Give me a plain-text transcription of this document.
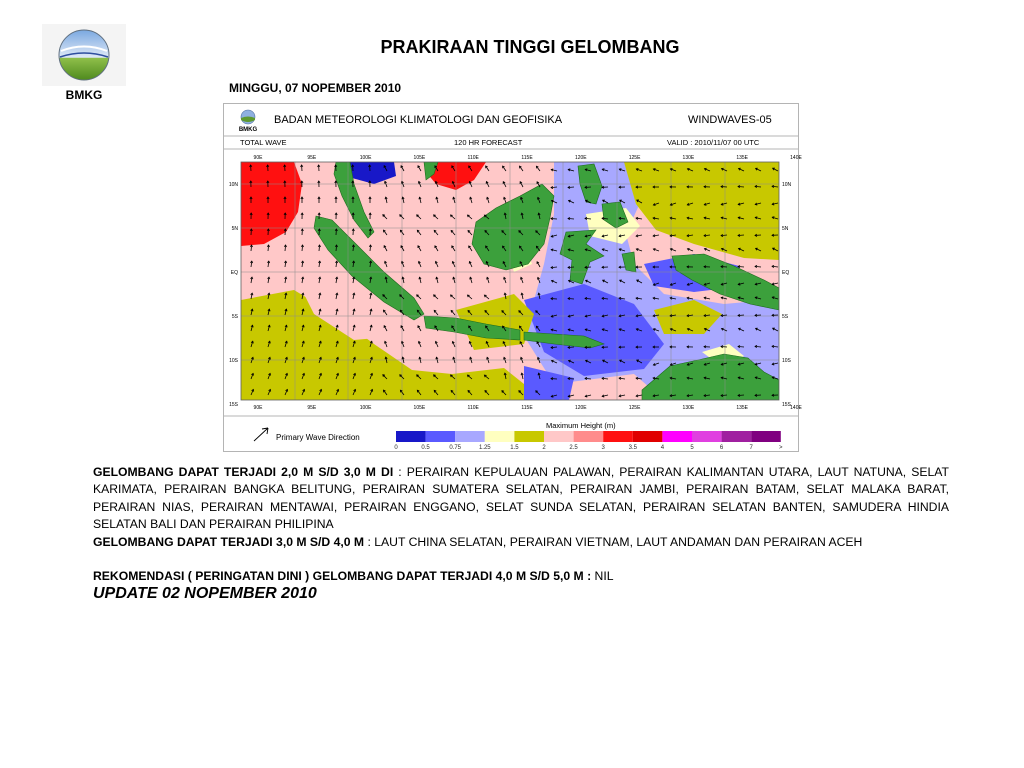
BMKG
PRAKIRAAN TINGGI GELOMBANG
MINGGU, 07 NOPEMBER 2010
BMKG
BADAN METEOROLOGI KLIMATOLOGI DAN GEOFISIKA	WINDWAVES-05
TOTAL WAVE	120 HR FORECAST	VALID : 2010/11/07 00 UTC
90E	95E	100E	105E	110E	115E	120E	125E	130E	135E	140E
90E	95E	100E	105E	110E	115E	120E	125E	130E	135E	140E
10N
5N
EQ
5S
10S
15S
10N
5N
EQ
5S
10S
15S
Primary Wave Direction
Maximum Height (m)
0	0.5	0.75	1.25	1.5	2	2.5	3	3.5	4	5	6	7	>

GELOMBANG DAPAT TERJADI 2,0 M S/D 3,0 M DI : PERAIRAN KEPULAUAN PALAWAN, PERAIRAN KALIMANTAN UTARA, LAUT NATUNA, SELAT KARIMATA, PERAIRAN BANGKA BELITUNG, PERAIRAN SUMATERA SELATAN, PERAIRAN JAMBI, PERAIRAN BATAM, SELAT MALAKA BARAT, PERAIRAN NIAS, PERAIRAN MENTAWAI, PERAIRAN ENGGANO, SELAT SUNDA SELATAN, PERAIRAN SELATAN BANTEN, SAMUDERA HINDIA SELATAN BALI DAN PERAIRAN PHILIPINA

GELOMBANG DAPAT TERJADI 3,0 M S/D 4,0 M : LAUT CHINA SELATAN, PERAIRAN VIETNAM, LAUT ANDAMAN DAN PERAIRAN ACEH

REKOMENDASI ( PERINGATAN DINI ) GELOMBANG DAPAT TERJADI 4,0 M S/D 5,0 M : NIL

UPDATE 02 NOPEMBER 2010
